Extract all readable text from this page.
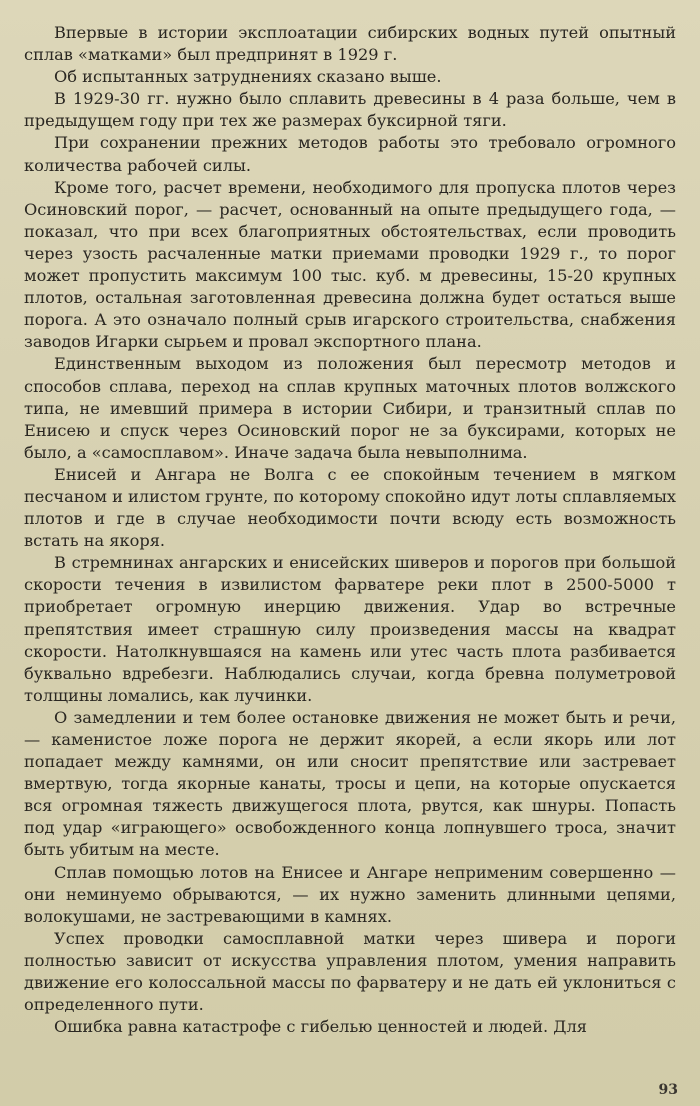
Впервые в истории эксплоатации сибирских водных путей опытный сплав «матками» был предпринят в 1929 г.

Об испытанных затруднениях сказано выше.

В 1929-30 гг. нужно было сплавить древесины в 4 раза больше, чем в предыдущем году при тех же размерах буксирной тяги.

При сохранении прежних методов работы это требовало огромного количества рабочей силы.

Кроме того, расчет времени, необходимого для пропуска плотов через Осиновский порог, — расчет, основанный на опыте предыдущего года, — показал, что при всех благоприятных обстоятельствах, если проводить через узость расчаленные матки приемами проводки 1929 г., то порог может пропустить максимум 100 тыс. куб. м древесины, 15-20 крупных плотов, остальная заготовленная древесина должна будет остаться выше порога. А это означало полный срыв игарского строительства, снабжения заводов Игарки сырьем и провал экспортного плана.

Единственным выходом из положения был пересмотр методов и способов сплава, переход на сплав крупных маточных плотов волжского типа, не имевший примера в истории Сибири, и транзитный сплав по Енисею и спуск через Осиновский порог не за буксирами, которых не было, а «самосплавом». Иначе задача была невыполнима.

Енисей и Ангара не Волга с ее спокойным течением в мягком песчаном и илистом грунте, по которому спокойно идут лоты сплавляемых плотов и где в случае необходимости почти всюду есть возможность встать на якоря.

В стремнинах ангарских и енисейских шиверов и порогов при большой скорости течения в извилистом фарватере реки плот в 2500-5000 т приобретает огромную инерцию движения. Удар во встречные препятствия имеет страшную силу произведения массы на квадрат скорости. Натолкнувшаяся на камень или утес часть плота разбивается буквально вдребезги. Наблюдались случаи, когда бревна полуметровой толщины ломались, как лучинки.

О замедлении и тем более остановке движения не может быть и речи, — каменистое ложе порога не держит якорей, а если якорь или лот попадает между камнями, он или сносит препятствие или застревает вмертвую, тогда якорные канаты, тросы и цепи, на которые опускается вся огромная тяжесть движущегося плота, рвутся, как шнуры. Попасть под удар «играющего» освобожденного конца лопнувшего троса, значит быть убитым на месте.

Сплав помощью лотов на Енисее и Ангаре неприменим совершенно — они неминуемо обрываются, — их нужно заменить длинными цепями, волокушами, не застревающими в камнях.

Успех проводки самосплавной матки через шивера и пороги полностью зависит от искусства управления плотом, умения направить движение его колоссальной массы по фарватеру и не дать ей уклониться с определенного пути.

Ошибка равна катастрофе с гибелью ценностей и людей. Для

93
